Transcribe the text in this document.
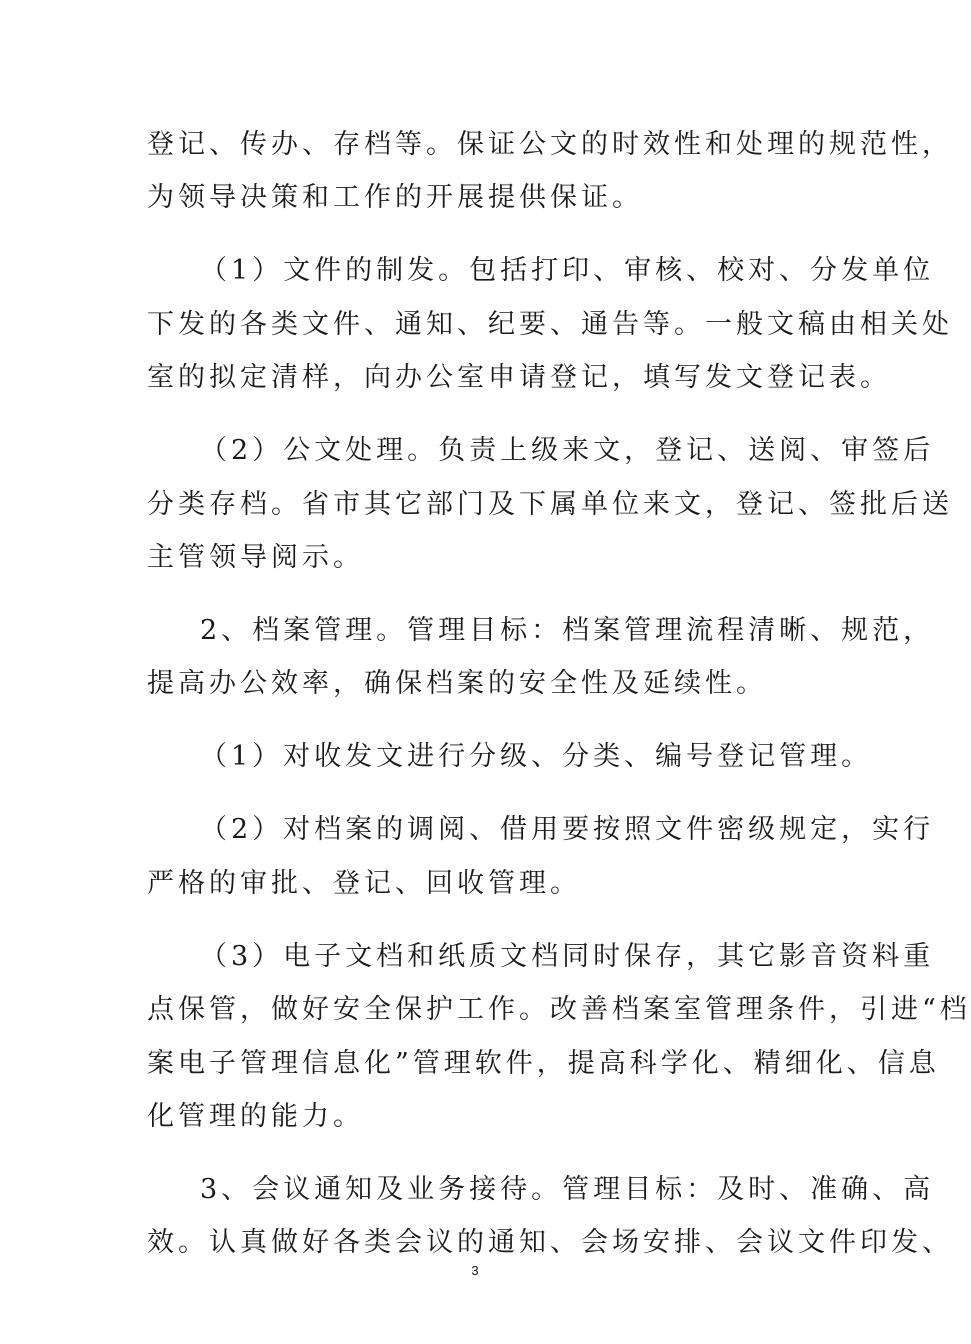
登记、传办、存档等。保证公文的时效性和处理的规范性，
为领导决策和工作的开展提供保证。
（1）文件的制发。包括打印、审核、校对、分发单位
下发的各类文件、通知、纪要、通告等。一般文稿由相关处
室的拟定清样，向办公室申请登记，填写发文登记表。
（2）公文处理。负责上级来文，登记、送阅、审签后
分类存档。省市其它部门及下属单位来文，登记、签批后送
主管领导阅示。
2、档案管理。管理目标：档案管理流程清晰、规范，
提高办公效率，确保档案的安全性及延续性。
（1）对收发文进行分级、分类、编号登记管理。
（2）对档案的调阅、借用要按照文件密级规定，实行
严格的审批、登记、回收管理。
（3）电子文档和纸质文档同时保存，其它影音资料重
点保管，做好安全保护工作。改善档案室管理条件，引进“档
案电子管理信息化”管理软件，提高科学化、精细化、信息
化管理的能力。
3、会议通知及业务接待。管理目标：及时、准确、高
效。认真做好各类会议的通知、会场安排、会议文件印发、
3
